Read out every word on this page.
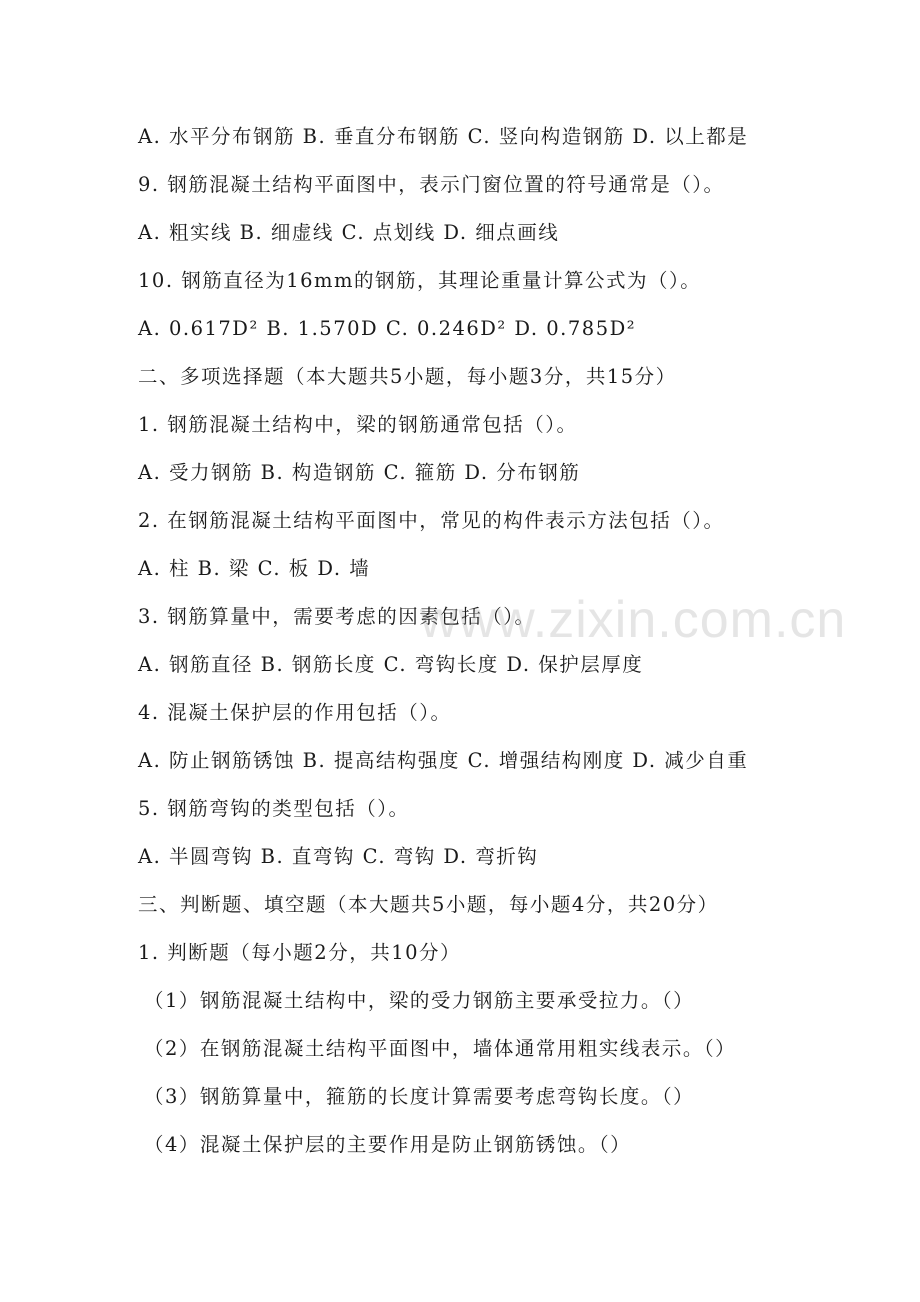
A. 水平分布钢筋 B. 垂直分布钢筋 C. 竖向构造钢筋 D. 以上都是
9. 钢筋混凝土结构平面图中，表示门窗位置的符号通常是（）。
A. 粗实线 B. 细虚线 C. 点划线 D. 细点画线
10. 钢筋直径为16mm的钢筋，其理论重量计算公式为（）。
A. 0.617D² B. 1.570D C. 0.246D² D. 0.785D²
二、多项选择题（本大题共5小题，每小题3分，共15分）
1. 钢筋混凝土结构中，梁的钢筋通常包括（）。
A. 受力钢筋 B. 构造钢筋 C. 箍筋 D. 分布钢筋
2. 在钢筋混凝土结构平面图中，常见的构件表示方法包括（）。
A. 柱 B. 梁 C. 板 D. 墙
3. 钢筋算量中，需要考虑的因素包括（）。
A. 钢筋直径 B. 钢筋长度 C. 弯钩长度 D. 保护层厚度
4. 混凝土保护层的作用包括（）。
A. 防止钢筋锈蚀 B. 提高结构强度 C. 增强结构刚度 D. 减少自重
5. 钢筋弯钩的类型包括（）。
A. 半圆弯钩 B. 直弯钩 C. 弯钩 D. 弯折钩
三、判断题、填空题（本大题共5小题，每小题4分，共20分）
1. 判断题（每小题2分，共10分）
（1）钢筋混凝土结构中，梁的受力钢筋主要承受拉力。（）
（2）在钢筋混凝土结构平面图中，墙体通常用粗实线表示。（）
（3）钢筋算量中，箍筋的长度计算需要考虑弯钩长度。（）
（4）混凝土保护层的主要作用是防止钢筋锈蚀。（）
www.zixin.com.cn
